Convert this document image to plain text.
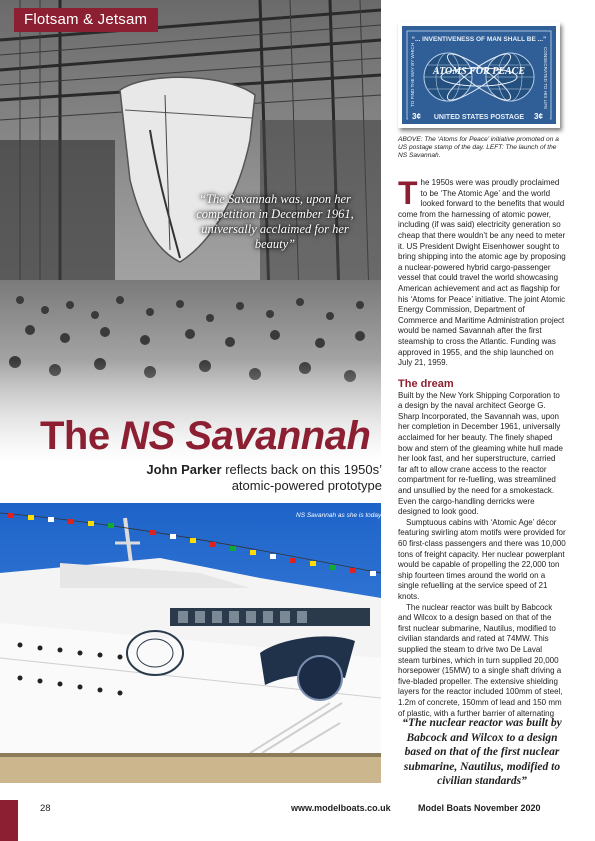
Flotsam & Jetsam
“The Savannah was, upon her competition in December 1961, universally acclaimed for her beauty”
The NS Savannah
John Parker reflects back on this 1950s’ atomic-powered prototype
NS Savannah as she is today.
“... INVENTIVENESS OF MAN SHALL BE ...”
ATOMS FOR PEACE
UNITED STATES POSTAGE
3¢	3¢
TO FIND THE WAY BY WHICH	CONSECRATED TO HIS LIFE
ABOVE: The ‘Atoms for Peace’ initiative promoted on a US postage stamp of the day. LEFT: The launch of the NS Savannah.

The 1950s were was proudly proclaimed to be ‘The Atomic Age’ and the world looked forward to the benefits that would come from the harnessing of atomic power, including (if was said) electricity generation so cheap that there wouldn’t be any need to meter it. US President Dwight Eisenhower sought to bring shipping into the atomic age by proposing a nuclear-powered hybrid cargo-passenger vessel that could travel the world showcasing American achievement and act as flagship for his ‘Atoms for Peace’ initiative. The joint Atomic Energy Commission, Department of Commerce and Maritime Administration project would be named Savannah after the first steamship to cross the Atlantic. Funding was approved in 1955, and the ship launched on July 21, 1959.

The dream

Built by the New York Shipping Corporation to a design by the naval architect George G. Sharp Incorporated, the Savannah was, upon her completion in December 1961, universally acclaimed for her beauty. The finely shaped bow and stern of the gleaming white hull made her look fast, and her superstructure, carried far aft to allow crane access to the reactor compartment for re-fuelling, was streamlined and unsullied by the need for a smokestack. Even the cargo-handling derricks were designed to look good.

Sumptuous cabins with ‘Atomic Age’ décor featuring swirling atom motifs were provided for 60 first-class passengers and there was 10,000 tons of freight capacity. Her nuclear powerplant would be capable of propelling the 22,000 ton ship fourteen times around the world on a single refuelling at the service speed of 21 knots.

The nuclear reactor was built by Babcock and Wilcox to a design based on that of the first nuclear submarine, Nautilus, modified to civilian standards and rated at 74MW. This supplied the steam to drive two De Laval steam turbines, which in turn supplied 20,000 horsepower (15MW) to a single shaft driving a five-bladed propeller. The extensive shielding layers for the reactor included 100mm of steel, 1.2m of concrete, 150mm of lead and 150 mm of plastic, with a further barrier of alternating

“The nuclear reactor was built by Babcock and Wilcox to a design based on that of the first nuclear submarine, Nautilus, modified to civilian standards”
28	www.modelboats.co.uk	Model Boats November 2020
